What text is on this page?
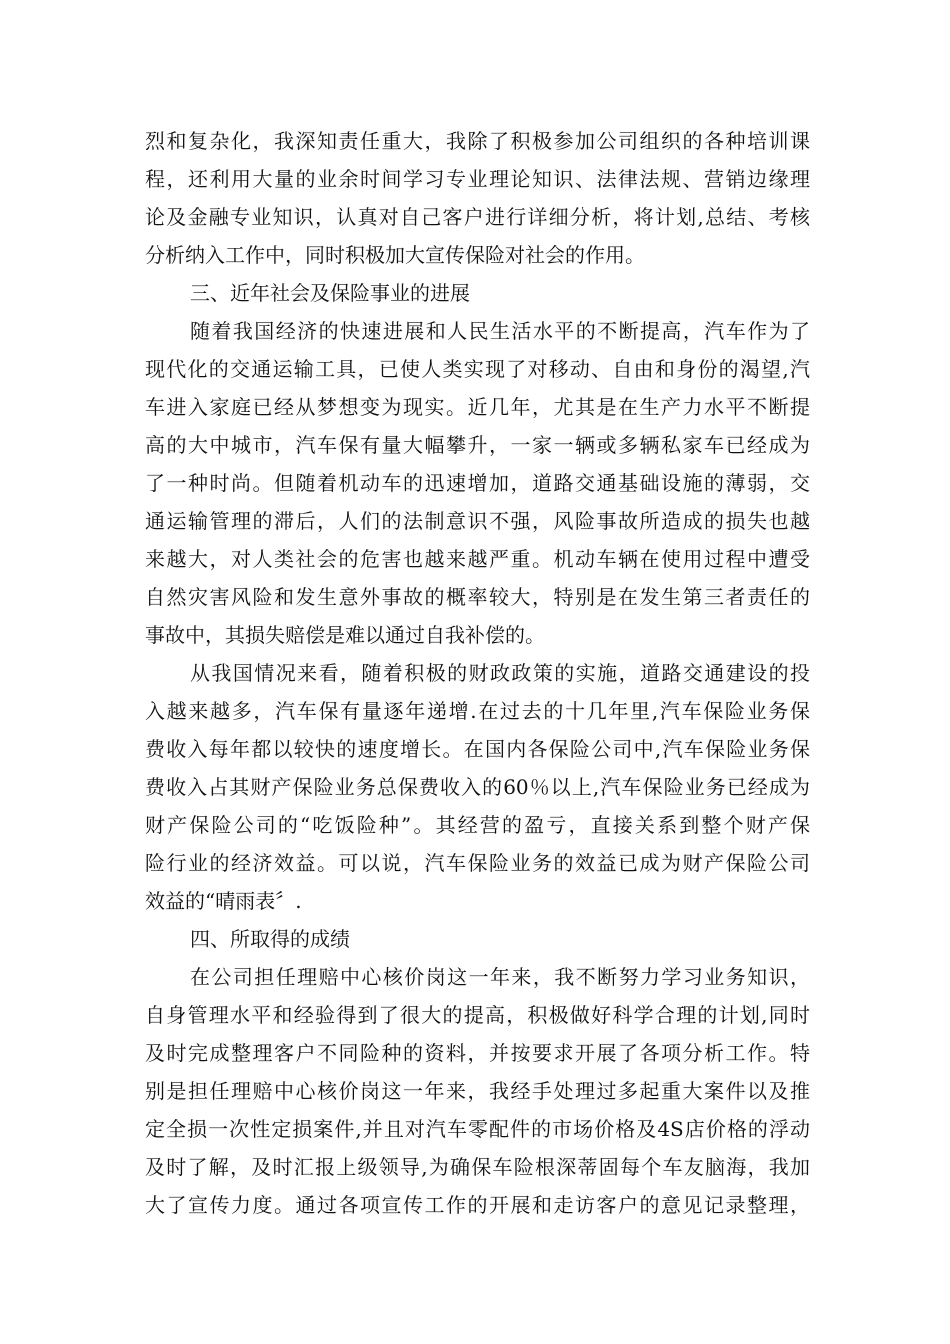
烈和复杂化，我深知责任重大，我除了积极参加公司组织的各种培训课
程，还利用大量的业余时间学习专业理论知识、法律法规、营销边缘理
论及金融专业知识，认真对自己客户进行详细分析，将计划,总结、考核
分析纳入工作中，同时积极加大宣传保险对社会的作用。
三、近年社会及保险事业的进展
随着我国经济的快速进展和人民生活水平的不断提高，汽车作为了
现代化的交通运输工具，已使人类实现了对移动、自由和身份的渴望,汽
车进入家庭已经从梦想变为现实。近几年，尤其是在生产力水平不断提
高的大中城市，汽车保有量大幅攀升，一家一辆或多辆私家车已经成为
了一种时尚。但随着机动车的迅速增加，道路交通基础设施的薄弱，交
通运输管理的滞后，人们的法制意识不强，风险事故所造成的损失也越
来越大，对人类社会的危害也越来越严重。机动车辆在使用过程中遭受
自然灾害风险和发生意外事故的概率较大，特别是在发生第三者责任的
事故中，其损失赔偿是难以通过自我补偿的。
从我国情况来看，随着积极的财政政策的实施，道路交通建设的投
入越来越多，汽车保有量逐年递增.在过去的十几年里,汽车保险业务保
费收入每年都以较快的速度增长。在国内各保险公司中,汽车保险业务保
费收入占其财产保险业务总保费收入的60％以上,汽车保险业务已经成为
财产保险公司的“吃饭险种”。其经营的盈亏，直接关系到整个财产保
险行业的经济效益。可以说，汽车保险业务的效益已成为财产保险公司
效益的“晴雨表〞.
四、所取得的成绩
在公司担任理赔中心核价岗这一年来，我不断努力学习业务知识，
自身管理水平和经验得到了很大的提高，积极做好科学合理的计划,同时
及时完成整理客户不同险种的资料，并按要求开展了各项分析工作。特
别是担任理赔中心核价岗这一年来，我经手处理过多起重大案件以及推
定全损一次性定损案件,并且对汽车零配件的市场价格及4S店价格的浮动
及时了解，及时汇报上级领导,为确保车险根深蒂固每个车友脑海，我加
大了宣传力度。通过各项宣传工作的开展和走访客户的意见记录整理，
